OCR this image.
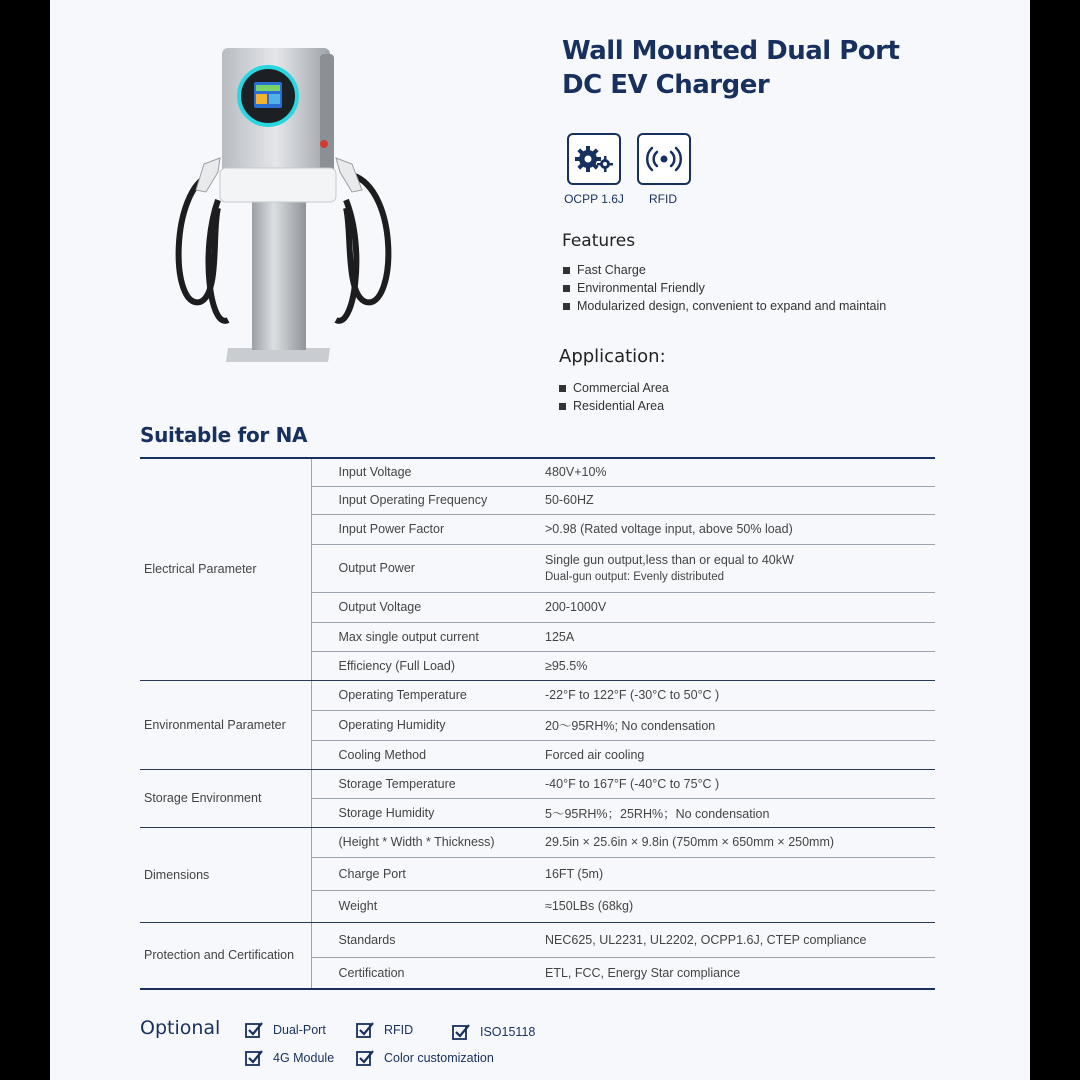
Wall Mounted Dual Port
DC EV Charger
OCPP 1.6J	RFID
Features
Fast Charge
Environmental Friendly
Modularized design, convenient to expand and maintain
Application:
Commercial Area
Residential Area
Suitable for NA
Electrical Parameter	Input Voltage	480V+10%
	Input Operating Frequency	50-60HZ
	Input Power Factor	>0.98 (Rated voltage input, above 50% load)
	Output Power	Single gun output,less than or equal to 40kW
Dual-gun output: Evenly distributed

	Output Voltage	200-1000V
	Max single output current	125A
	Efficiency (Full Load)	≥95.5%
Environmental Parameter	Operating Temperature	-22°F to 122°F (-30°C to 50°C )
	Operating Humidity	20～95RH%; No condensation
	Cooling Method	Forced air cooling
Storage Environment	Storage Temperature	-40°F to 167°F (-40°C to 75°C )
	Storage Humidity	5～95RH%；25RH%；No condensation
Dimensions	(Height * Width * Thickness)	29.5in × 25.6in × 9.8in (750mm × 650mm × 250mm)
	Charge Port	16FT (5m)
	Weight	≈150LBs (68kg)
Protection and Certification	Standards	NEC625, UL2231, UL2202, OCPP1.6J, CTEP compliance
	Certification	ETL, FCC, Energy Star compliance
Optional	Dual-Port	RFID	ISO15118
4G Module	Color customization
